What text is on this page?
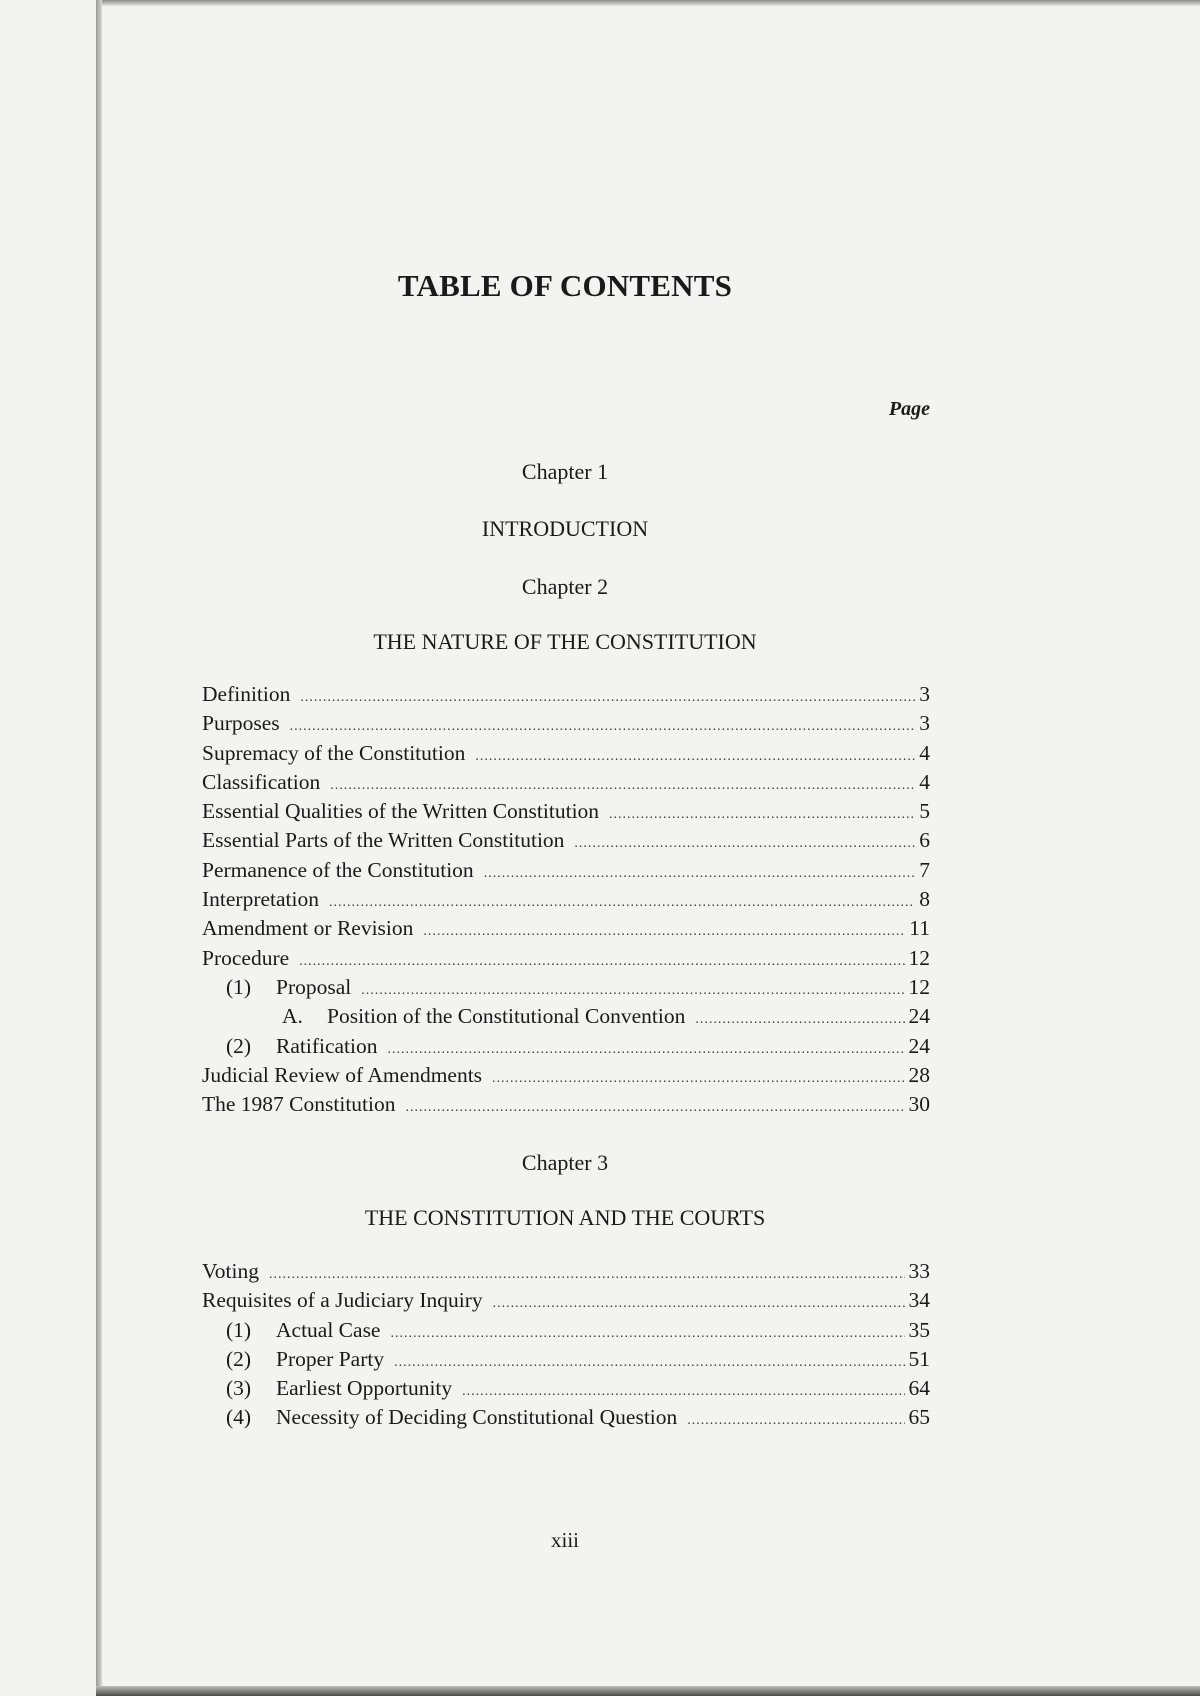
TABLE OF CONTENTS
Page
Chapter 1
INTRODUCTION
Chapter 2
THE NATURE OF THE CONSTITUTION
Definition .....	3
Purposes .....	3
Supremacy of the Constitution .....	4
Classification .....	4
Essential Qualities of the Written Constitution .....	5
Essential Parts of the Written Constitution .....	6
Permanence of the Constitution .....	7
Interpretation .....	8
Amendment or Revision .....	11
Procedure .....	12
(1)	Proposal .....	12
A.	Position of the Constitutional Convention .....	24
(2)	Ratification .....	24
Judicial Review of Amendments .....	28
The 1987 Constitution .....	30
Chapter 3
THE CONSTITUTION AND THE COURTS
Voting .....	33
Requisites of a Judiciary Inquiry .....	34
(1)	Actual Case .....	35
(2)	Proper Party .....	51
(3)	Earliest Opportunity .....	64
(4)	Necessity of Deciding Constitutional Question .....	65
xiii
